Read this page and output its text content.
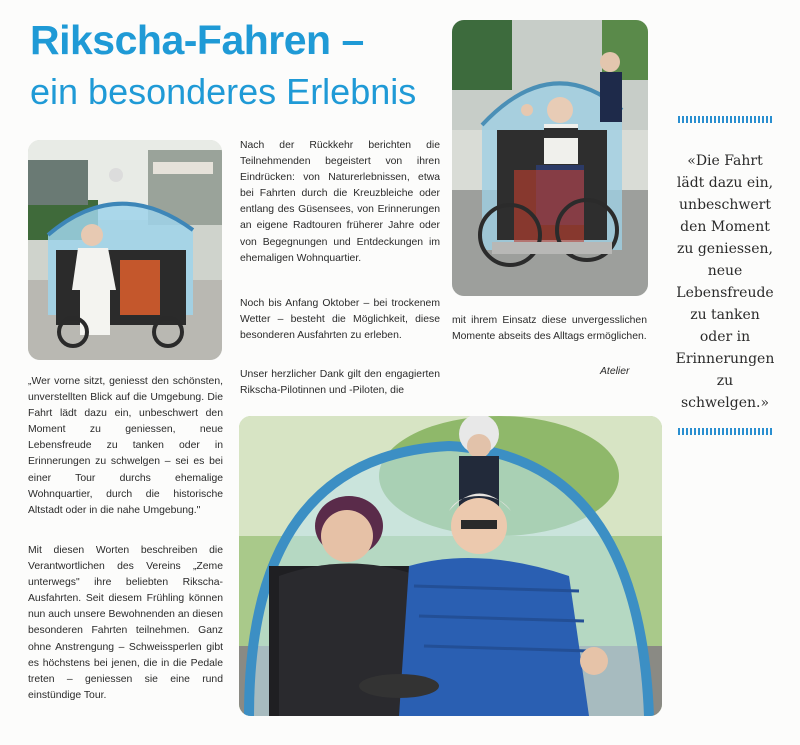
Rikscha-Fahren –
ein besonderes Erlebnis

Nach der Rückkehr berichten die Teilnehmenden begeistert von ihren Eindrücken: von Naturerlebnissen, etwa bei Fahrten durch die Kreuzbleiche oder entlang des Güsensees, von Erinnerungen an eigene Radtouren früherer Jahre oder von Begegnungen und Entdeckungen im ehemaligen Wohnquartier.

Noch bis Anfang Oktober – bei trockenem Wetter – besteht die Möglichkeit, diese besonderen Ausfahrten zu erleben.

Unser herzlicher Dank gilt den engagierten Rikscha-Pilotinnen und -Piloten, die

mit ihrem Einsatz diese unvergesslichen Momente abseits des Alltags ermöglichen.

Atelier

„Wer vorne sitzt, geniesst den schönsten, unverstellten Blick auf die Umgebung. Die Fahrt lädt dazu ein, unbeschwert den Moment zu geniessen, neue Lebensfreude zu tanken oder in Erinnerungen zu schwelgen – sei es bei einer Tour durchs ehemalige Wohnquartier, durch die historische Altstadt oder in die nahe Umgebung."

Mit diesen Worten beschreiben die Verantwortlichen des Vereins „Zeme unterwegs" ihre beliebten Rikscha-Ausfahrten. Seit diesem Frühling können nun auch unsere Bewohnenden an diesen besonderen Fahrten teilnehmen. Ganz ohne Anstrengung – Schweissperlen gibt es höchstens bei jenen, die in die Pedale treten – geniessen sie eine rund einstündige Tour.

«Die Fahrt lädt dazu ein, unbeschwert den Moment zu geniessen, neue Lebensfreude zu tanken oder in Erinnerungen zu schwelgen.»
